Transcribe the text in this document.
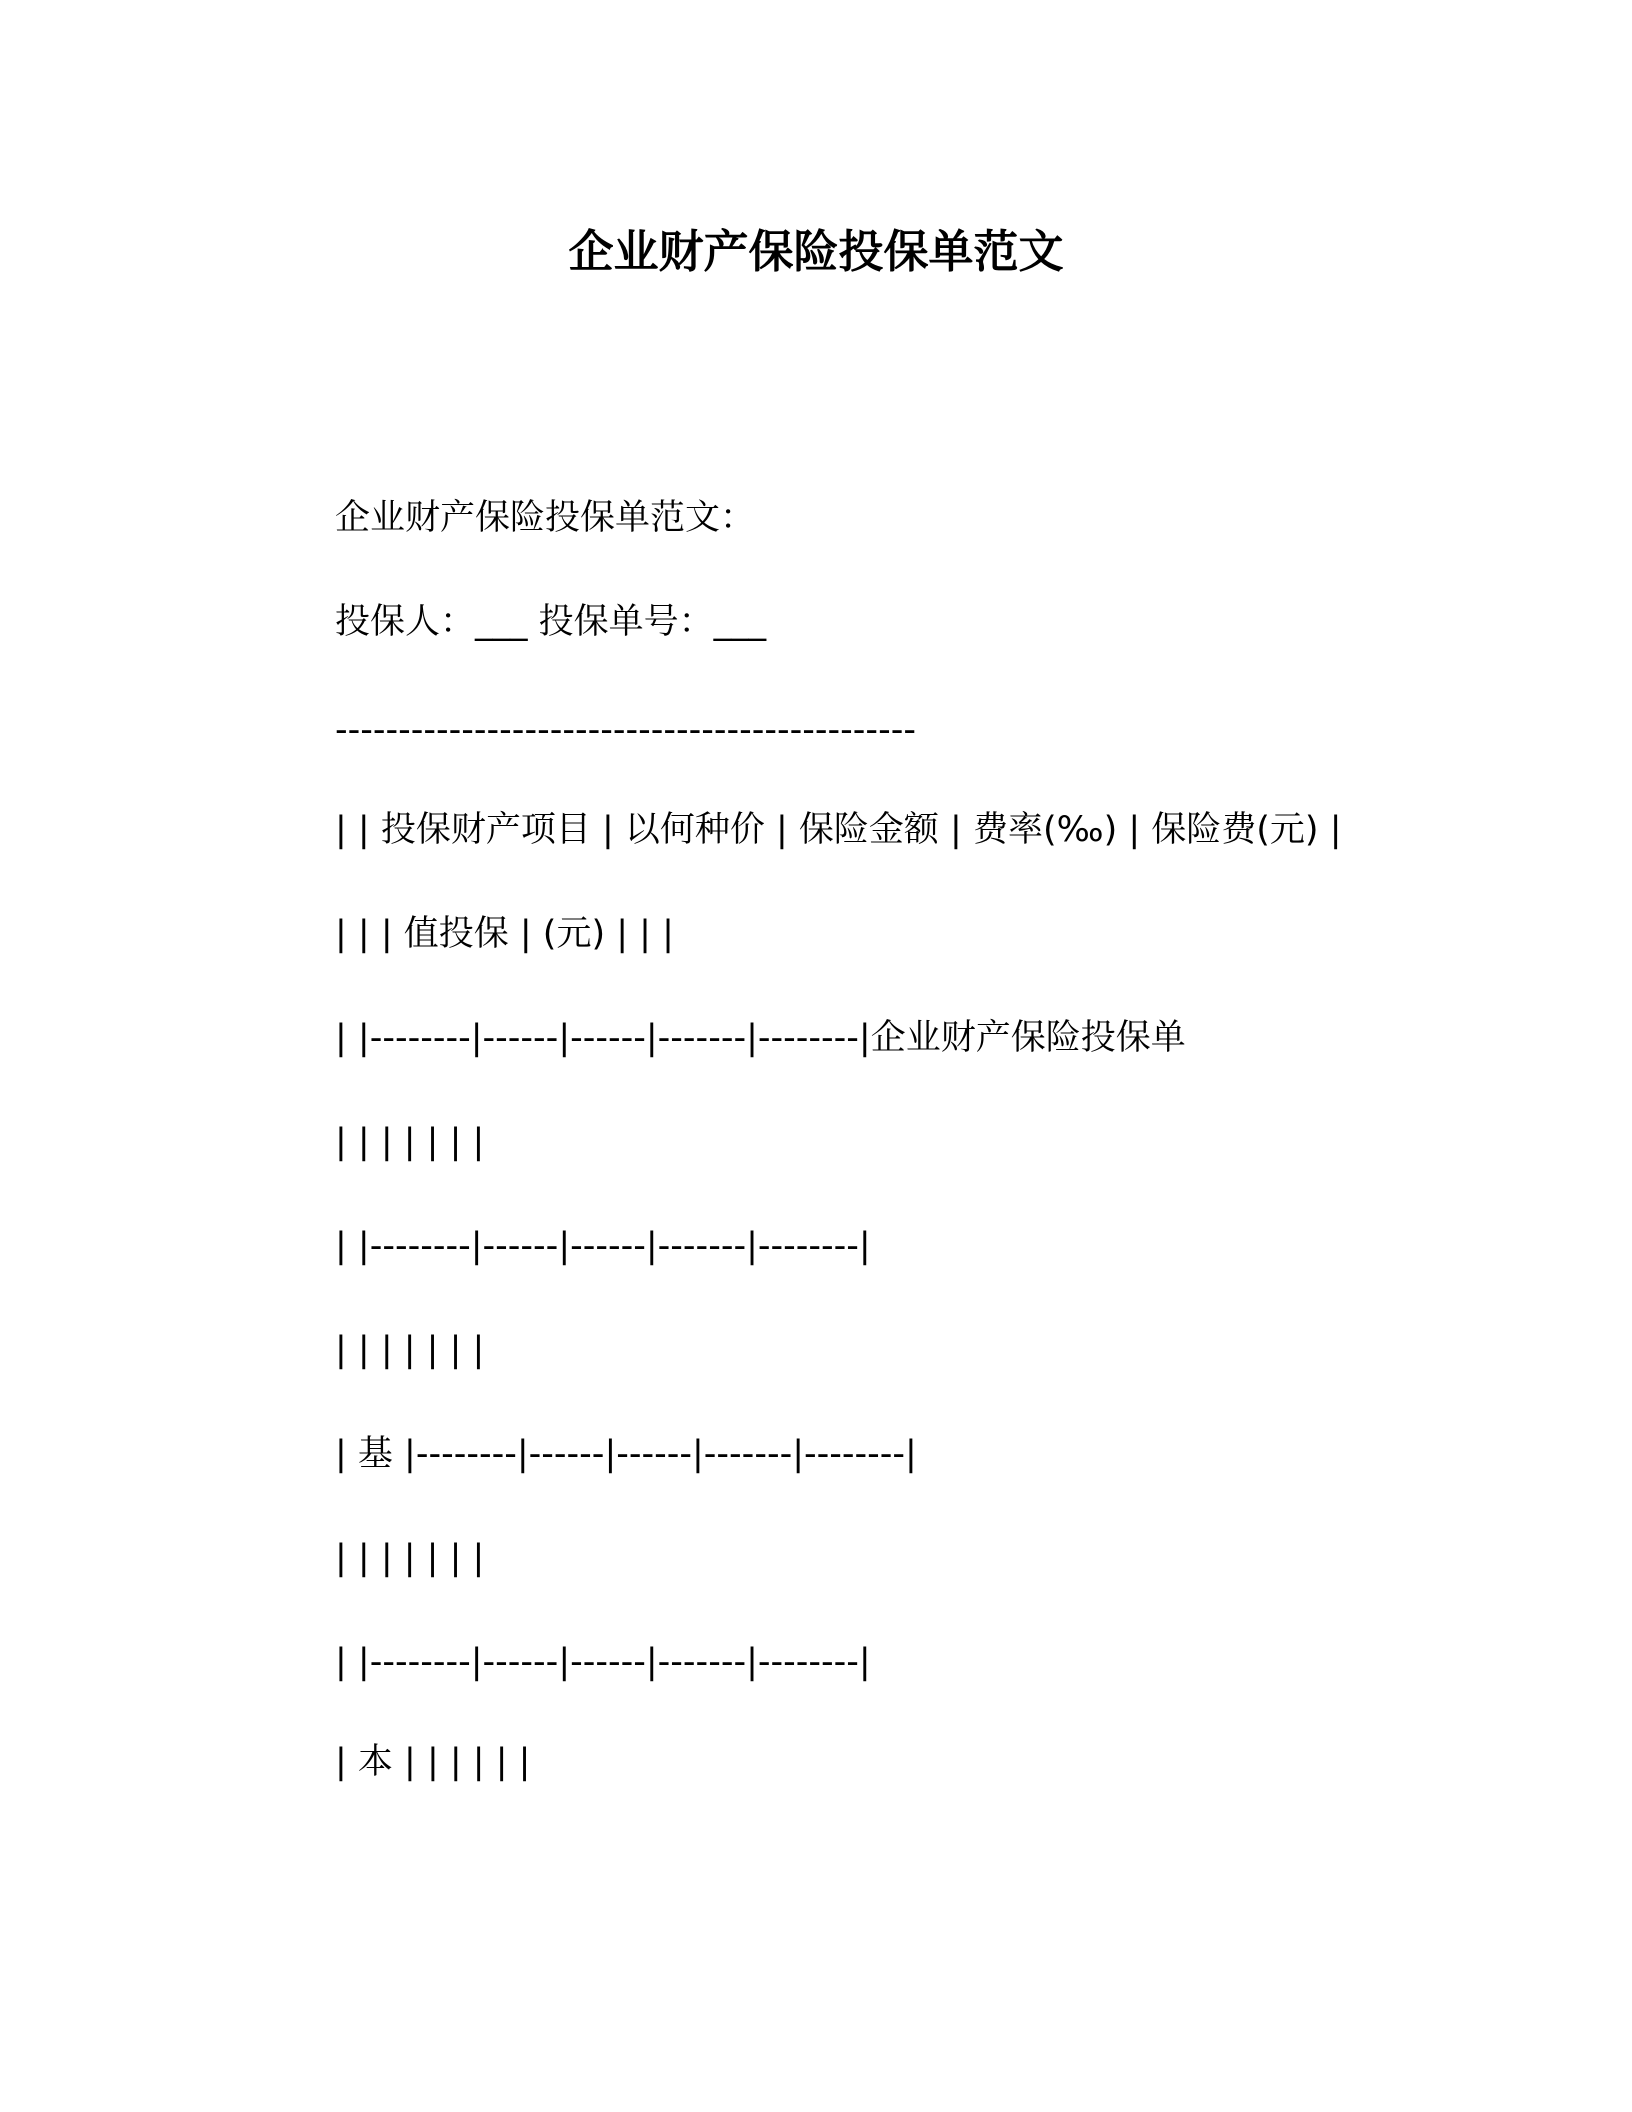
企业财产保险投保单范文
企业财产保险投保单范文：
投保人：___ 投保单号：___
----------------------------------------------
| | 投保财产项目 | 以何种价 | 保险金额 | 费率(‰) | 保险费(元) |
| | | 值投保 | (元) | | |
| |--------|------|------|-------|--------|企业财产保险投保单
| | | | | | |
| |--------|------|------|-------|--------|
| | | | | | |
| 基 |--------|------|------|-------|--------|
| | | | | | |
| |--------|------|------|-------|--------|
| 本 | | | | | |
